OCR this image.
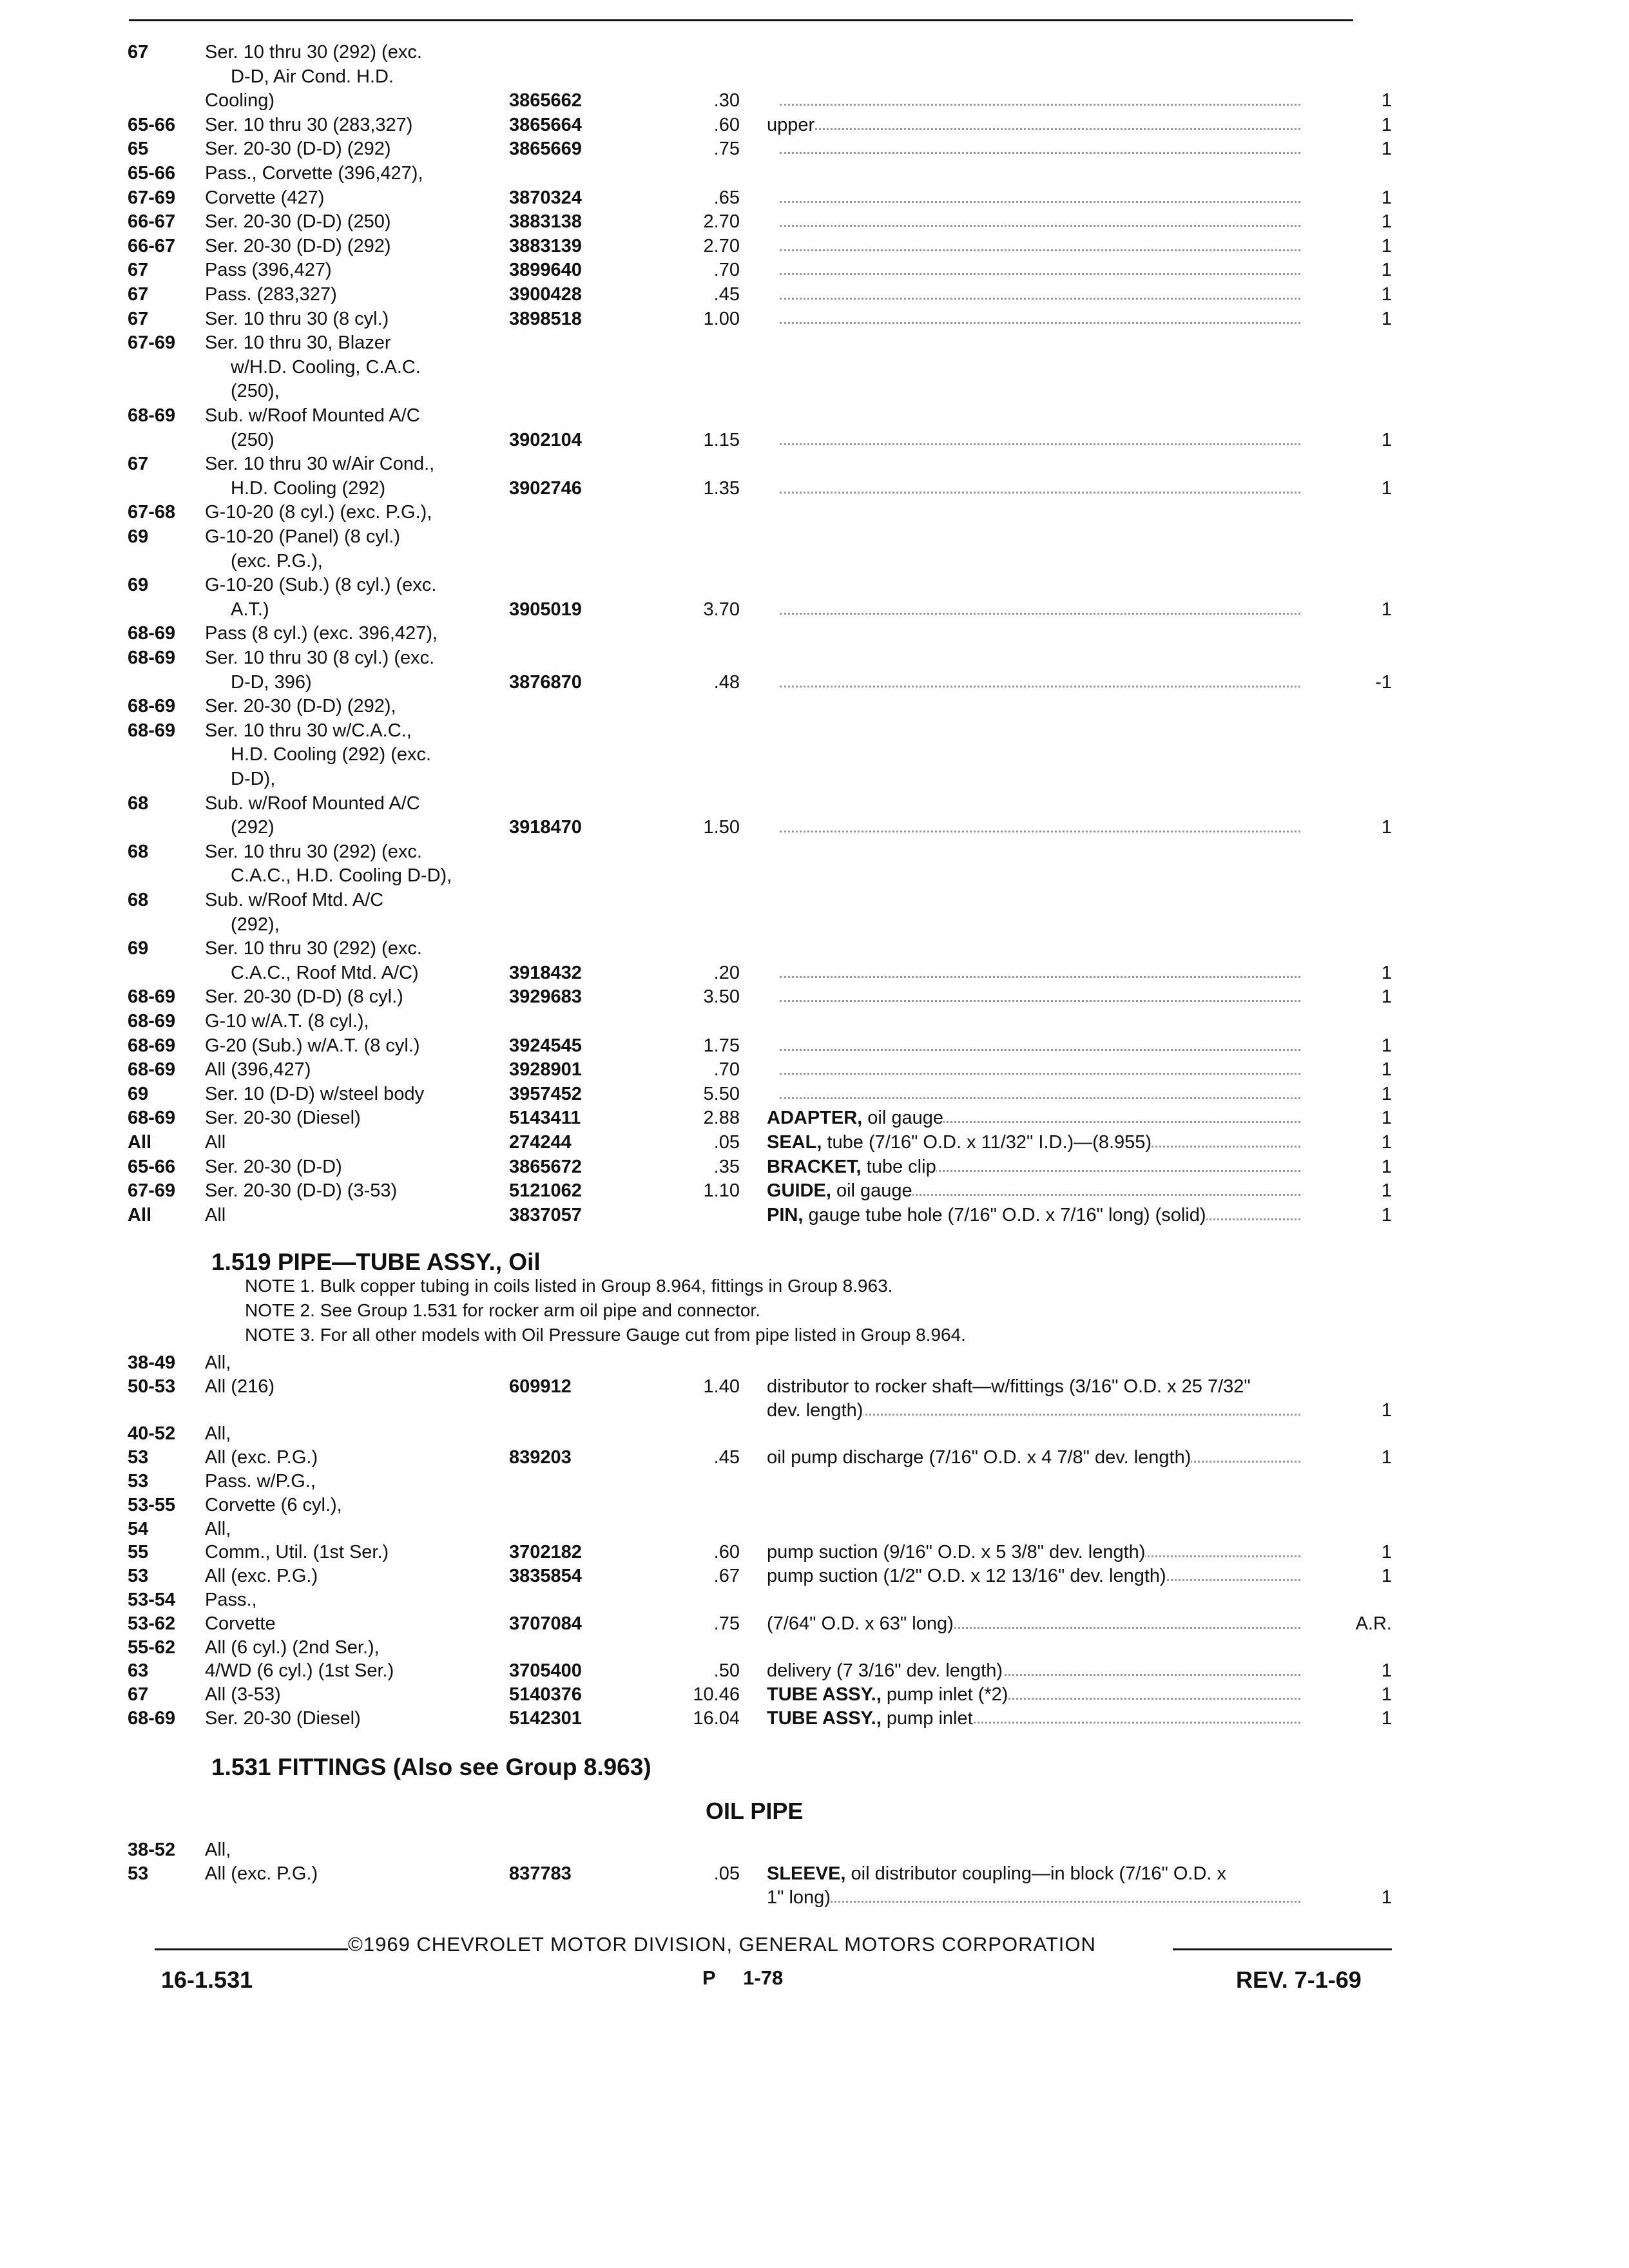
67	Ser. 10 thru 30 (292) (exc.
D-D, Air Cond. H.D.
Cooling)	3865662	.30	1
65-66 Ser. 10 thru 30 (283,327)	3865664	.60 upper	1
65	Ser. 20-30 (D-D) (292)	3865669	.75	1
65-66 Pass., Corvette (396,427),
67-69 Corvette (427)	3870324	.65	1
66-67 Ser. 20-30 (D-D) (250)	3883138	2.70	1
66-67 Ser. 20-30 (D-D) (292)	3883139	2.70	1
67	Pass (396,427)	3899640	.70	1
67	Pass. (283,327)	3900428	.45	1
67	Ser. 10 thru 30 (8 cyl.)	3898518	1.00	1
67-69 Ser. 10 thru 30, Blazer
w/H.D. Cooling, C.A.C.
(250),
68-69 Sub. w/Roof Mounted A/C
(250)	3902104	1.15	1
67	Ser. 10 thru 30 w/Air Cond.,
H.D. Cooling (292)	3902746	1.35	1
67-68 G-10-20 (8 cyl.) (exc. P.G.),
69	G-10-20 (Panel) (8 cyl.)
(exc. P.G.),
69	G-10-20 (Sub.) (8 cyl.) (exc.
A.T.)	3905019	3.70	1
68-69 Pass (8 cyl.) (exc. 396,427),
68-69 Ser. 10 thru 30 (8 cyl.) (exc.
D-D, 396)	3876870	.48	-1
68-69 Ser. 20-30 (D-D) (292),
68-69 Ser. 10 thru 30 w/C.A.C.,
H.D. Cooling (292) (exc.
D-D),
68	Sub. w/Roof Mounted A/C
(292)	3918470	1.50	1
68	Ser. 10 thru 30 (292) (exc.
C.A.C., H.D. Cooling D-D),
68	Sub. w/Roof Mtd. A/C
(292),
69	Ser. 10 thru 30 (292) (exc.
C.A.C., Roof Mtd. A/C)	3918432	.20	1
68-69 Ser. 20-30 (D-D) (8 cyl.)	3929683	3.50	1
68-69 G-10 w/A.T. (8 cyl.),
68-69 G-20 (Sub.) w/A.T. (8 cyl.)	3924545	1.75	1
68-69 All (396,427)	3928901	.70	1
69	Ser. 10 (D-D) w/steel body	3957452	5.50	1
68-69 Ser. 20-30 (Diesel)	5143411	2.88 ADAPTER, oil gauge	1
All	All	274244	.05 SEAL, tube (7/16" O.D. x 11/32" I.D.)—(8.955)	1
65-66 Ser. 20-30 (D-D)	3865672	.35 BRACKET, tube clip	1
67-69 Ser. 20-30 (D-D) (3-53)	5121062	1.10 GUIDE, oil gauge	1
All	All	3837057	PIN, gauge tube hole (7/16" O.D. x 7/16" long) (solid)	1
1.519 PIPE—TUBE ASSY., Oil
NOTE 1. Bulk copper tubing in coils listed in Group 8.964, fittings in Group 8.963.
NOTE 2. See Group 1.531 for rocker arm oil pipe and connector.
NOTE 3. For all other models with Oil Pressure Gauge cut from pipe listed in Group 8.964.
38-49 All,
50-53 All (216)	609912	1.40 distributor to rocker shaft—w/fittings (3/16" O.D. x 25 7/32"
dev. length)	1
40-52 All,
53	All (exc. P.G.)	839203	.45 oil pump discharge (7/16" O.D. x 4 7/8" dev. length)	1
53	Pass. w/P.G.,
53-55 Corvette (6 cyl.),
54	All,
55	Comm., Util. (1st Ser.)	3702182	.60 pump suction (9/16" O.D. x 5 3/8" dev. length)	1
53	All (exc. P.G.)	3835854	.67 pump suction (1/2" O.D. x 12 13/16" dev. length)	1
53-54 Pass.,
53-62 Corvette	3707084	.75 (7/64" O.D. x 63" long)	A.R.
55-62 All (6 cyl.) (2nd Ser.),
63	4/WD (6 cyl.) (1st Ser.)	3705400	.50 delivery (7 3/16" dev. length)	1
67	All (3-53)	5140376	10.46 TUBE ASSY., pump inlet (*2)	1
68-69 Ser. 20-30 (Diesel)	5142301	16.04 TUBE ASSY., pump inlet	1
1.531 FITTINGS (Also see Group 8.963)
OIL PIPE
38-52 All,
53	All (exc. P.G.)	837783	.05 SLEEVE, oil distributor coupling—in block (7/16" O.D. x
1" long)	1
©1969 CHEVROLET MOTOR DIVISION, GENERAL MOTORS CORPORATION
16-1.531	P     1-78	REV. 7-1-69
